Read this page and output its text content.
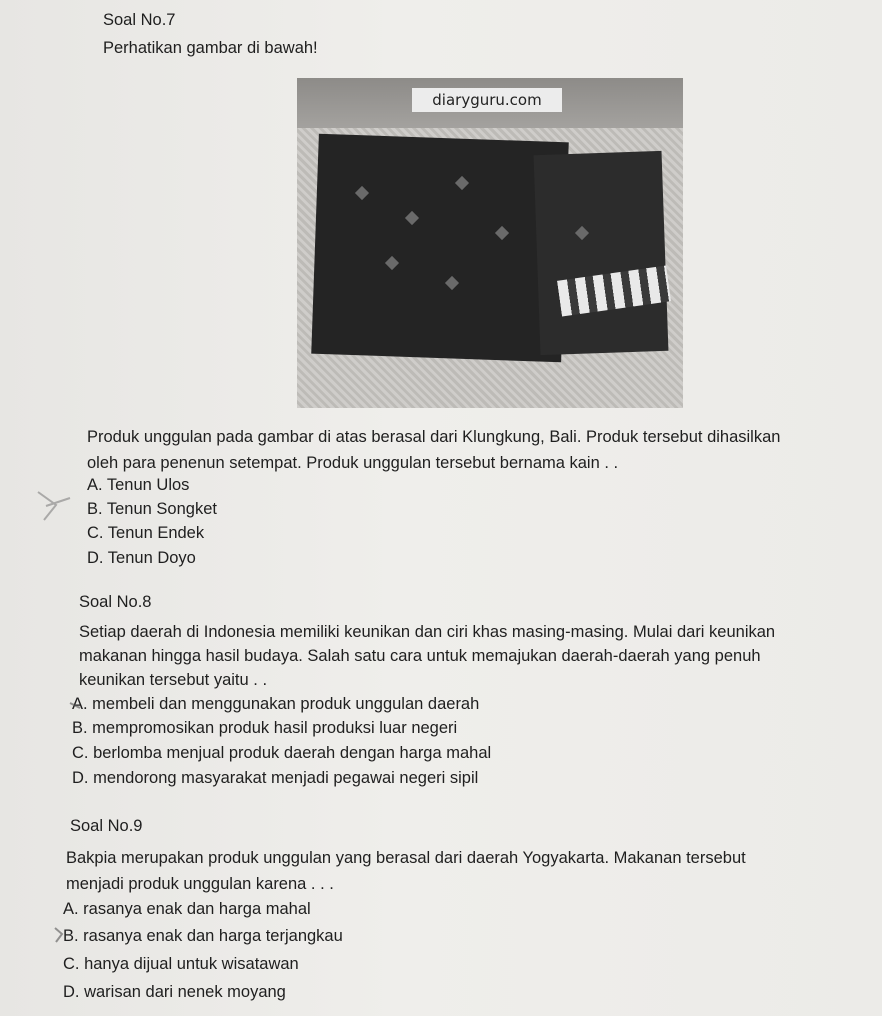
Soal No.7
Perhatikan gambar di bawah!
diaryguru.com
Produk unggulan pada gambar di atas berasal dari Klungkung, Bali. Produk tersebut dihasilkan
oleh para penenun setempat. Produk unggulan tersebut bernama kain . .
A. Tenun Ulos
B. Tenun Songket
C. Tenun Endek
D. Tenun Doyo
Soal No.8
Setiap daerah di Indonesia memiliki keunikan dan ciri khas masing-masing. Mulai dari keunikan
makanan hingga hasil budaya. Salah satu cara untuk memajukan daerah-daerah yang penuh
keunikan tersebut yaitu . .
A. membeli dan menggunakan produk unggulan daerah
B. mempromosikan produk hasil produksi luar negeri
C. berlomba menjual produk daerah dengan harga mahal
D. mendorong masyarakat menjadi pegawai negeri sipil
Soal No.9
Bakpia merupakan produk unggulan yang berasal dari daerah Yogyakarta. Makanan tersebut
menjadi produk unggulan karena . . .
A. rasanya enak dan harga mahal
B. rasanya enak dan harga terjangkau
C. hanya dijual untuk wisatawan
D. warisan dari nenek moyang
